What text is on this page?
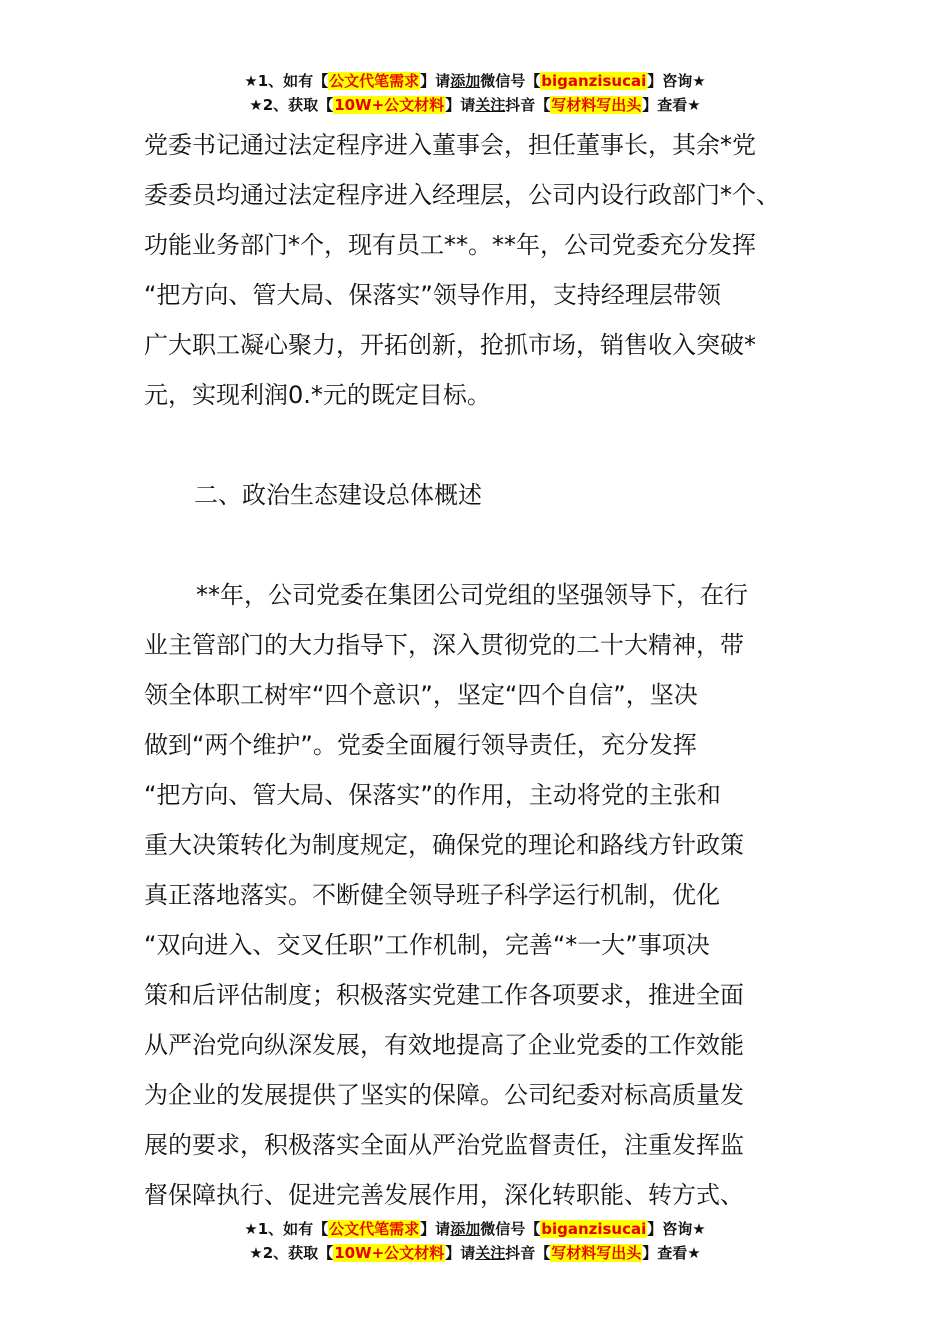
★1、如有【公文代笔需求】请添加微信号【biganzisucai】咨询★
★2、获取【10W+公文材料】请关注抖音【写材料写出头】查看★
党委书记通过法定程序进入董事会，担任董事长，其余*党
委委员均通过法定程序进入经理层，公司内设行政部门*个、
功能业务部门*个，现有员工**。**年，公司党委充分发挥
“把方向、管大局、保落实”领导作用，支持经理层带领
广大职工凝心聚力，开拓创新，抢抓市场，销售收入突破*
元，实现利润0.*元的既定目标。
二、政治生态建设总体概述
**年，公司党委在集团公司党组的坚强领导下，在行
业主管部门的大力指导下，深入贯彻党的二十大精神，带
领全体职工树牢“四个意识”，坚定“四个自信”，坚决
做到“两个维护”。党委全面履行领导责任，充分发挥
“把方向、管大局、保落实”的作用，主动将党的主张和
重大决策转化为制度规定，确保党的理论和路线方针政策
真正落地落实。不断健全领导班子科学运行机制，优化
“双向进入、交叉任职”工作机制，完善“*一大”事项决
策和后评估制度；积极落实党建工作各项要求，推进全面
从严治党向纵深发展，有效地提高了企业党委的工作效能
为企业的发展提供了坚实的保障。公司纪委对标高质量发
展的要求，积极落实全面从严治党监督责任，注重发挥监
督保障执行、促进完善发展作用，深化转职能、转方式、
★1、如有【公文代笔需求】请添加微信号【biganzisucai】咨询★
★2、获取【10W+公文材料】请关注抖音【写材料写出头】查看★
